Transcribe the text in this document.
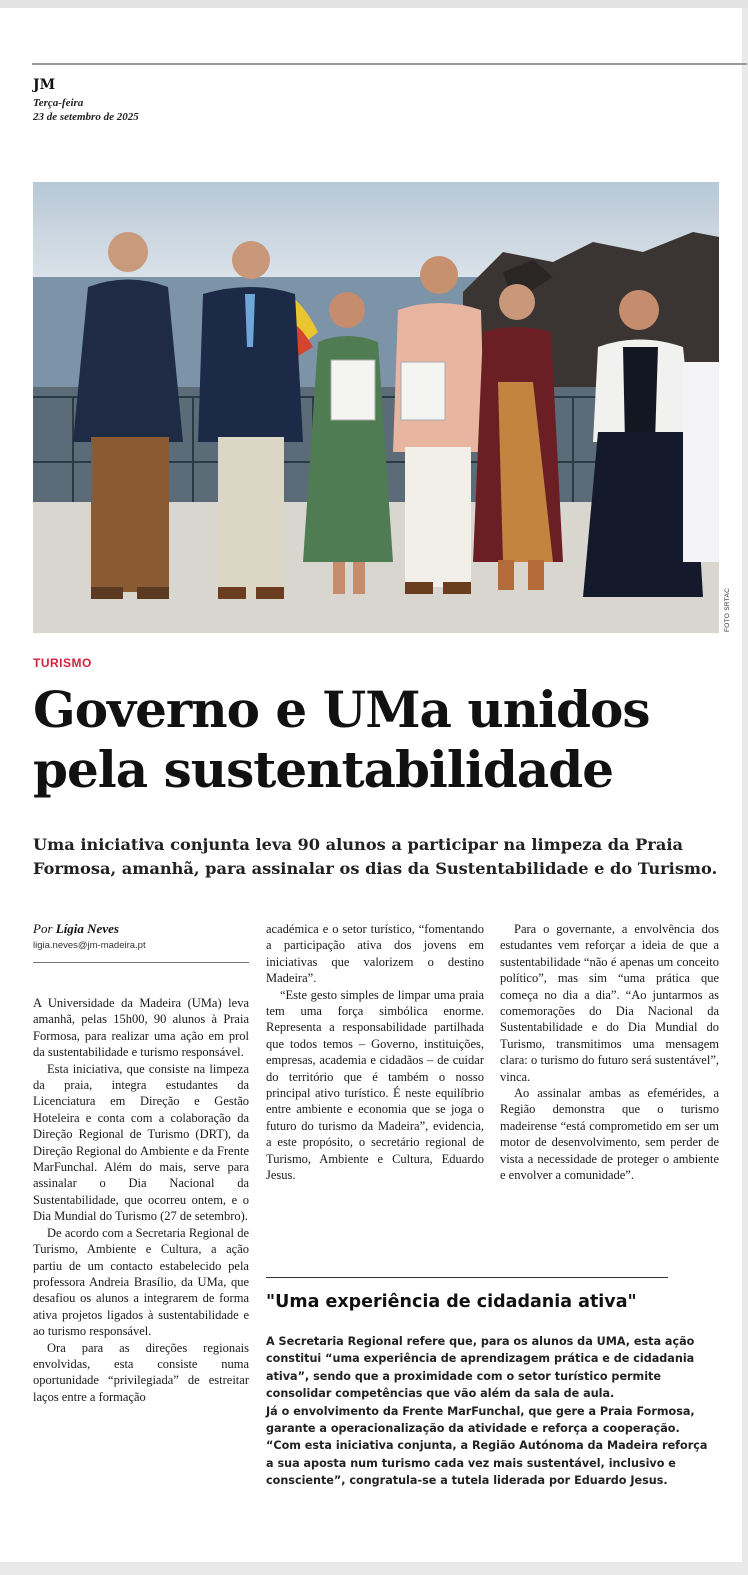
JM
Terça-feira
23 de setembro de 2025
FOTO SRTAC
TURISMO
Governo e UMa unidos
pela sustentabilidade

Uma iniciativa conjunta leva 90 alunos a participar na limpeza da Praia
Formosa, amanhã, para assinalar os dias da Sustentabilidade e do Turismo.

Por Lígia Neves
ligia.neves@jm-madeira.pt

A Universidade da Madeira (UMa) leva amanhã, pelas 15h00, 90 alunos à Praia Formosa, para realizar uma ação em prol da sustentabilidade e turismo responsável.

Esta iniciativa, que consiste na limpeza da praia, integra estudantes da Licenciatura em Direção e Gestão Hoteleira e conta com a colaboração da Direção Regional de Turismo (DRT), da Direção Regional do Ambiente e da Frente MarFunchal. Além do mais, serve para assinalar o Dia Nacional da Sustentabilidade, que ocorreu ontem, e o Dia Mundial do Turismo (27 de setembro).

De acordo com a Secretaria Regional de Turismo, Ambiente e Cultura, a ação partiu de um contacto estabelecido pela professora Andreia Brasílio, da UMa, que desafiou os alunos a integrarem de forma ativa projetos ligados à sustentabilidade e ao turismo responsável.

Ora para as direções regionais envolvidas, esta consiste numa oportunidade “privilegiada” de estreitar laços entre a formação

académica e o setor turístico, “fomentando a participação ativa dos jovens em iniciativas que valorizem o destino Madeira”.

“Este gesto simples de limpar uma praia tem uma força simbólica enorme. Representa a responsabilidade partilhada que todos temos – Governo, instituições, empresas, academia e cidadãos – de cuidar do território que é também o nosso principal ativo turístico. É neste equilíbrio entre ambiente e economia que se joga o futuro do turismo da Madeira”, evidencia, a este propósito, o secretário regional de Turismo, Ambiente e Cultura, Eduardo Jesus.

Para o governante, a envolvência dos estudantes vem reforçar a ideia de que a sustentabilidade “não é apenas um conceito político”, mas sim “uma prática que começa no dia a dia”. “Ao juntarmos as comemorações do Dia Nacional da Sustentabilidade e do Dia Mundial do Turismo, transmitimos uma mensagem clara: o turismo do futuro será sustentável”, vinca.

Ao assinalar ambas as efemérides, a Região demonstra que o turismo madeirense “está comprometido em ser um motor de desenvolvimento, sem perder de vista a necessidade de proteger o ambiente e envolver a comunidade”.

"Uma experiência de cidadania ativa"

A Secretaria Regional refere que, para os alunos da UMA, esta ação constitui “uma experiência de aprendizagem prática e de cidadania ativa”, sendo que a proximidade com o setor turístico permite consolidar competências que vão além da sala de aula.

Já o envolvimento da Frente MarFunchal, que gere a Praia Formosa, garante a operacionalização da atividade e reforça a cooperação.

“Com esta iniciativa conjunta, a Região Autónoma da Madeira reforça a sua aposta num turismo cada vez mais sustentável, inclusivo e consciente”, congratula-se a tutela liderada por Eduardo Jesus.
